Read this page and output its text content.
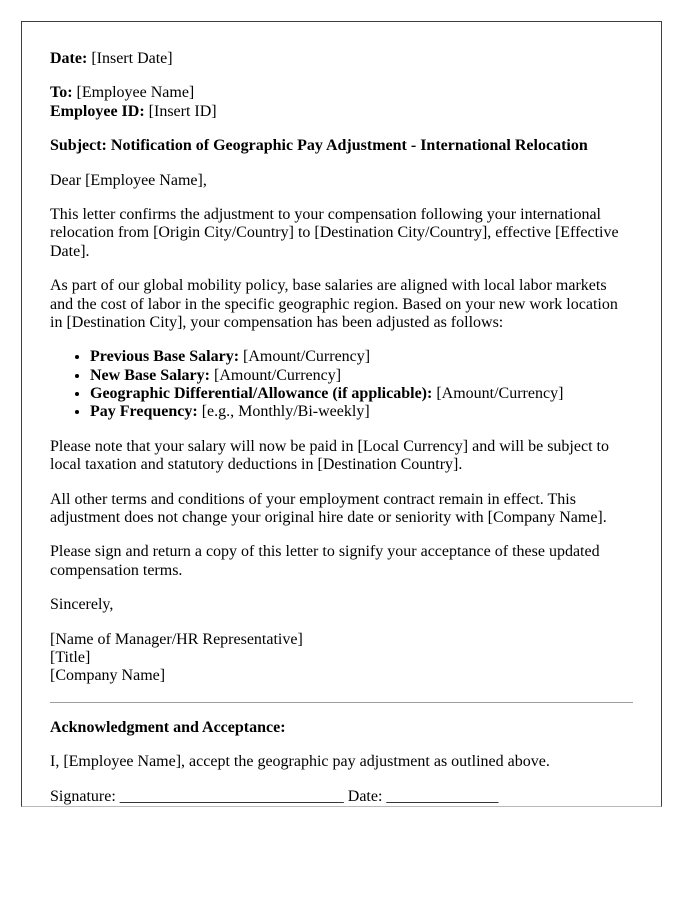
Date: [Insert Date]

To: [Employee Name]
Employee ID: [Insert ID]

Subject: Notification of Geographic Pay Adjustment - International Relocation

Dear [Employee Name],

This letter confirms the adjustment to your compensation following your international relocation from [Origin City/Country] to [Destination City/Country], effective [Effective Date].

As part of our global mobility policy, base salaries are aligned with local labor markets and the cost of labor in the specific geographic region. Based on your new work location in [Destination City], your compensation has been adjusted as follows:

• Previous Base Salary: [Amount/Currency]
• New Base Salary: [Amount/Currency]
• Geographic Differential/Allowance (if applicable): [Amount/Currency]
• Pay Frequency: [e.g., Monthly/Bi-weekly]

Please note that your salary will now be paid in [Local Currency] and will be subject to local taxation and statutory deductions in [Destination Country].

All other terms and conditions of your employment contract remain in effect. This adjustment does not change your original hire date or seniority with [Company Name].

Please sign and return a copy of this letter to signify your acceptance of these updated compensation terms.

Sincerely,

[Name of Manager/HR Representative]
[Title]
[Company Name]

Acknowledgment and Acceptance:

I, [Employee Name], accept the geographic pay adjustment as outlined above.

Signature: ____________________________ Date: ______________
